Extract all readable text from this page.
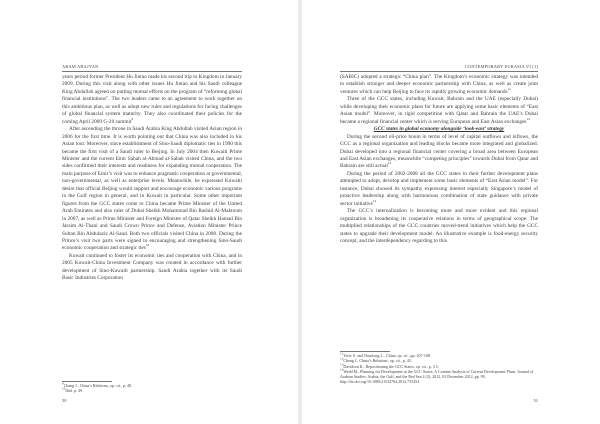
ARAM ABAJYAN

years period former President Hu Jintao made his second trip to Kingdom in January 2009. During this visit along with other issues Hu Jintao and his Saudi colleague King Abdullah agreed on putting mutual efforts on the program of “reforming global financial institutions”. The two leaders came to an agreement to work together on this ambitious plan, as well as adopt new rules and regulations for facing challenges of global financial system maturity. They also coordinated their policies for the coming April 2009 G-20 summit$^9$

After ascending the throne in Saudi Arabia King Abdullah visited Asian region in 2006 for the first time. It is worth pointing out that China was also included in his Asian tour. Moreover, since establishment of Sino-Saudi diplomatic ties in 1990 this became the first visit of a Saudi ruler to Beijing. In July 2004 then Kuwaiti Prime Minister and the current Emir Sabah al-Ahmad al-Sabah visited China, and the two sides confirmed their interests and readiness for expanding mutual cooperation. The main purpose of Emir’s visit was to enhance pragmatic cooperation at governmental, non-governmental, as well as enterprise levels. Meanwhile, he expressed Kuwaiti desire that official Beijing would support and encourage economic various programs in the Gulf region in general, and in Kuwait in particular. Some other important figures from the GCC states come to China became Prime Minister of the United Arab Emirates and also ruler of Dubai Sheikh Mohammad Bin Rashid Al-Maktoum in 2007, as well as Prime Minister and Foreign Minister of Qatar Sheikh Hamad Bin Jassim Al-Thani and Saudi Crown Prince and Defense, Aviation Minister Prince Sultan Bin Abdulaziz Al-Saud. Both two officials visited China in 2008. During the Prince’s visit two parts were signed to encouraging and strengthening Sino-Saudi economic cooperation and strategic ties$^{10}$

Kuwait continued to foster its economic ties and cooperation with China, and in 2005 Kuwait-China Investment Company was created in accordance with further development of Sino-Kuwaiti partnership. Saudi Arabia together with its Saudi Basic Industries Corporation

$^9$Chang J., China’s Relations, op. cit., p. 48.
$^{10}$Ibid. p. 49.
50
CONTEMPORARY EURASIA VI (1)

(SABIC) adopted a strategic “China plan”. The Kingdom’s economic strategy was intended to establish stronger and deeper economic partnership with China, as well as create joint ventures which can help Beijing to face its rapidly growing economic demands$^{11}$

Three of the GCC states, including Kuwait, Bahrain and the UAE (especially Dubai) while developing their economic plans for future are applying some basic elements of “East Asian model”. Moreover, in rigid competition with Qatar and Bahrain the UAE’s Dubai became a regional financial center which is serving European and East Asian exchanges$^{12}$

GCC states in global economy alongside ‘look-east’ strategy

During the second oil-price boom in terms of level of capital outflows and inflows, the GCC as a regional organization and leading blocks became more integrated and globalized. Dubai developed into a regional financial center covering a broad area between European and East Asian exchanges, meanwhile “competing principles” towards Dubai from Qatar and Bahrain are still actual$^{13}$

During the period of 2002-2008 all the GCC states in their further development plans attempted to adopt, develop and implement some basic elements of “East Asian model”. For instance, Dubai showed its sympathy expressing interest especially Singapore’s model of proactive leadership along with harmonious combination of state guidance with private sector initiative$^{14}$

The GCC’s internalization is becoming more and more evident and this regional organization is broadening its cooperative relations in terms of geographical scope. The multiplied relationships of the GCC countries moved-trend initiatives which help the GCC states to upgrade their development model. An illustrative example is food-energy security concept, and the interdependency regarding to this

$^{11}$Yetiv S. and Chunlong L., China, op. cit., pp. 207-108.
$^{12}$Cheng J., China’s Relations, op. cit., p. 43.
$^{13}$Davidson K., Repositioning the GCC States, op. cit., p. 3.5.
$^{14}$Wedd M., Planning for Development in the GCC States: A Content Analysis of Current Development Plans, Journal of Arabian Studies: Arabia, the Gulf, and the Red Sea 2 (2), 2012, 03 December 2012, pp. 99, http://dx.doi.org/10.1080/21534764.2012.735454
51
